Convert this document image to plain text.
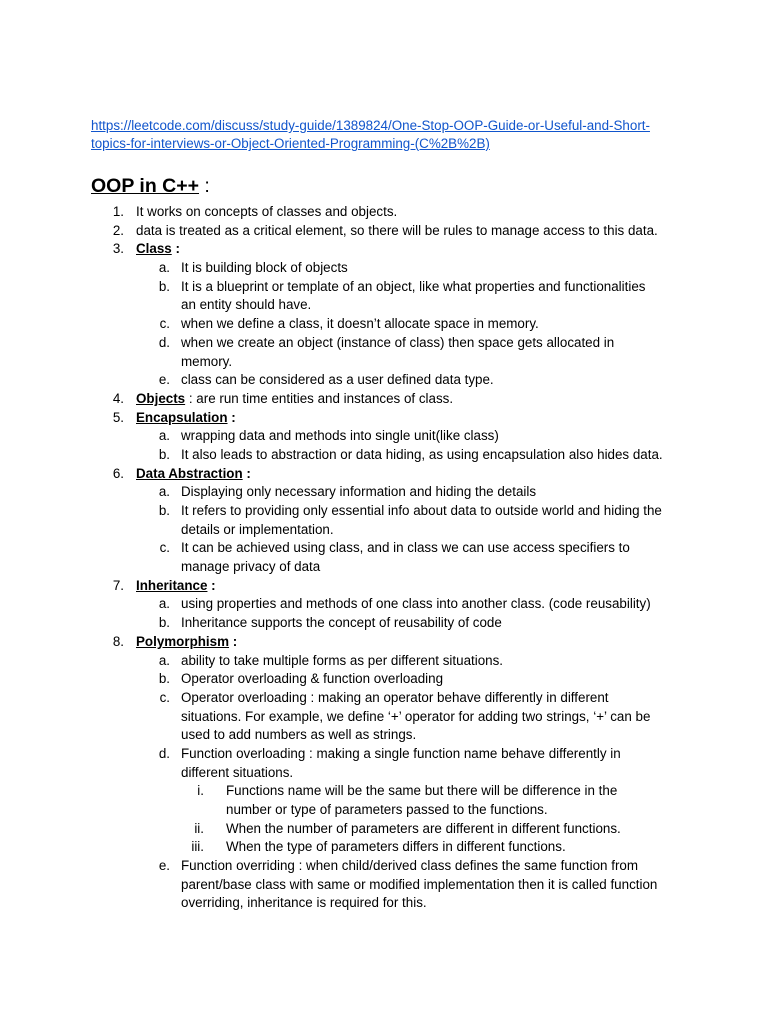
https://leetcode.com/discuss/study-guide/1389824/One-Stop-OOP-Guide-or-Useful-and-Short-
topics-for-interviews-or-Object-Oriented-Programming-(C%2B%2B)
OOP in C++ :
1. It works on concepts of classes and objects.
2. data is treated as a critical element, so there will be rules to manage access to this data.
3. Class :
a. It is building block of objects
b. It is a blueprint or template of an object, like what properties and functionalities
an entity should have.
c. when we define a class, it doesn’t allocate space in memory.
d. when we create an object (instance of class) then space gets allocated in
memory.
e. class can be considered as a user defined data type.
4. Objects : are run time entities and instances of class.
5. Encapsulation :
a. wrapping data and methods into single unit(like class)
b. It also leads to abstraction or data hiding, as using encapsulation also hides data.
6. Data Abstraction :
a. Displaying only necessary information and hiding the details
b. It refers to providing only essential info about data to outside world and hiding the
details or implementation.
c. It can be achieved using class, and in class we can use access specifiers to
manage privacy of data
7. Inheritance :
a. using properties and methods of one class into another class. (code reusability)
b. Inheritance supports the concept of reusability of code
8. Polymorphism :
a. ability to take multiple forms as per different situations.
b. Operator overloading & function overloading
c. Operator overloading : making an operator behave differently in different
situations. For example, we define ‘+’ operator for adding two strings, ‘+’ can be
used to add numbers as well as strings.
d. Function overloading : making a single function name behave differently in
different situations.
i. Functions name will be the same but there will be difference in the
number or type of parameters passed to the functions.
ii. When the number of parameters are different in different functions.
iii. When the type of parameters differs in different functions.
e. Function overriding : when child/derived class defines the same function from
parent/base class with same or modified implementation then it is called function
overriding, inheritance is required for this.
